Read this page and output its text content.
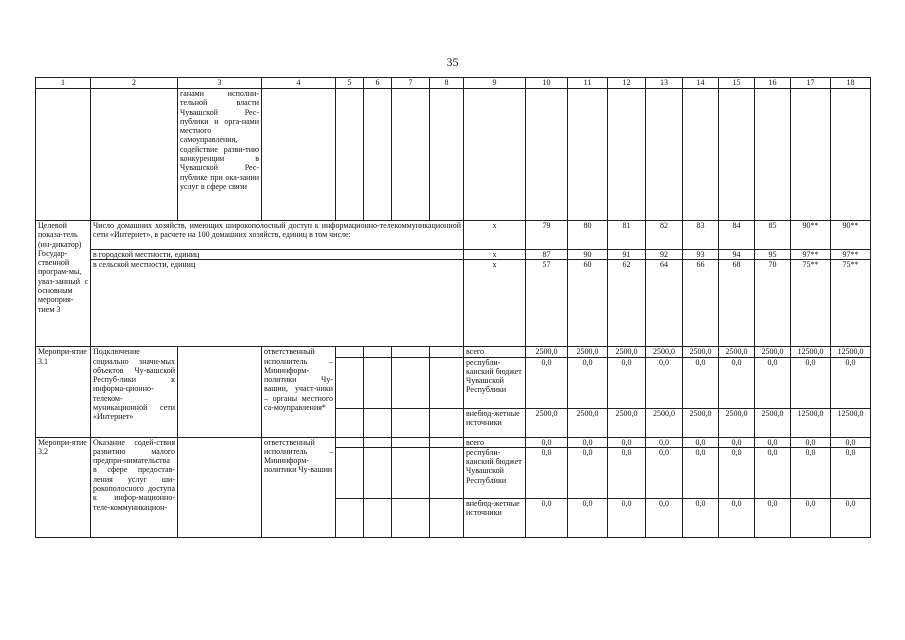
35
1	2	3	4	5	6	7	8	9	10	11	12	13	14	15	16	17	18
		ганами исполни-тельной власти Чувашской Рес-публики и орга-нами местного самоуправления, содействие разви-тию конкуренции в Чувашской Рес-публике при ока-зании услуг в сфере связи															
Целевой показа-тель (ин-дикатор) Государ-ственной програм-мы, уваз-занный с основным мероприя-тием 3	Число домашних хозяйств, имеющих широкополосный доступ к информационно-телекоммуникационной сети «Интернет», в расчете на 100 домашних хозяйств, единиц в том числе:							х	79	80	81	82	83	84	85	90**	90**
	в городской местности, единиц							х	87	90	91	92	93	94	95	97**	97**
	в сельской местности, единиц							х	57	60	62	64	66	68	70	75**	75**
Меропри-ятие 3.1	Подключение социально значи-мых объектов Чу-вашской Респуб-лики к информа-ционно-телеком-муникационной сети «Интернет»		ответственный исполнитель – Мининформ-политики Чу-вашии, участ-ники – органы местного са-моуправления*					всего	2500,0	2500,0	2500,0	2500,0	2500,0	2500,0	2500,0	12500,0	12500,0
								республи-канский бюджет Чувашской Республики	0,0	0,0	0,0	0,0	0,0	0,0	0,0	0,0	0,0
								внебюд-жетные источники	2500,0	2500,0	2500,0	2500,0	2500,0	2500,0	2500,0	12500,0	12500,0
Меропри-ятие 3.2	Оказание содей-ствия развитию малого предпри-нимательства в сфере предостав-ления услуг ши-рокополосного доступа к инфор-мационно-теле-коммуникацион-		ответственный исполнитель – Мининформ-политики Чу-вашии					всего	0,0	0,0	0,0	0,0	0,0	0,0	0,0	0,0	0,0
								республи-канский бюджет Чувашской Республики	0,0	0,0	0,0	0,0	0,0	0,0	0,0	0,0	0,0
								внебюд-жетные источники	0,0	0,0	0,0	0,0	0,0	0,0	0,0	0,0	0,0
